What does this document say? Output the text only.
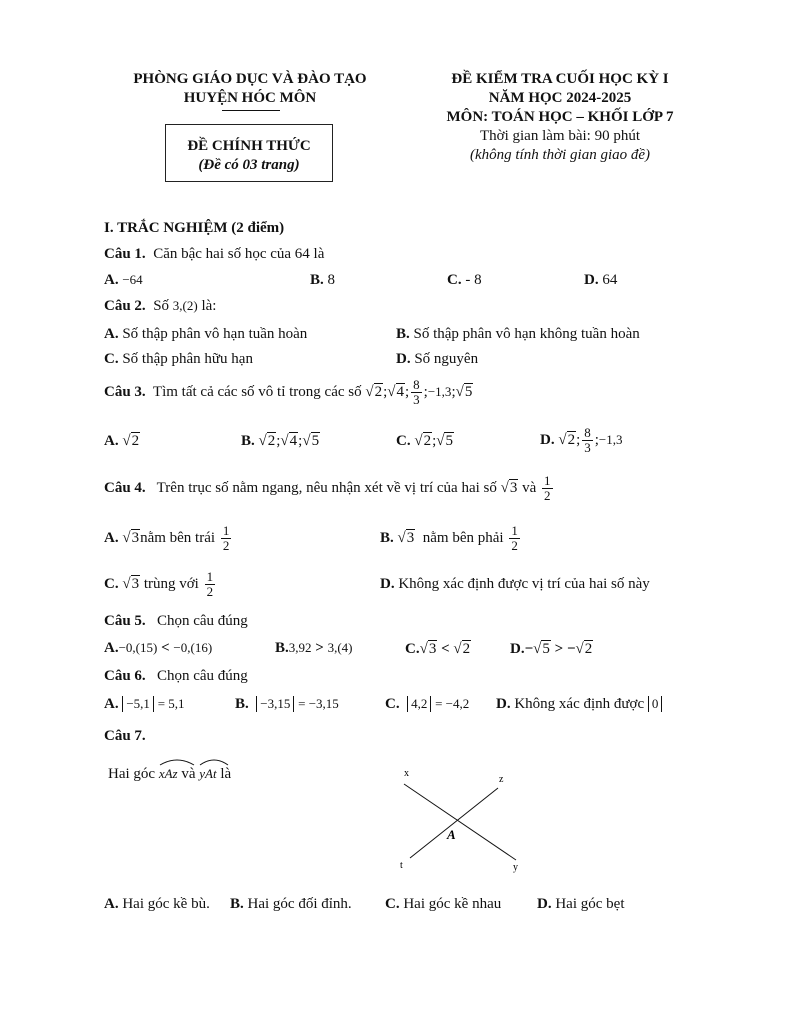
PHÒNG GIÁO DỤC VÀ ĐÀO TẠO
HUYỆN HÓC MÔN
ĐỀ CHÍNH THỨC
(Đề có 03 trang)
ĐỀ KIỂM TRA CUỐI HỌC KỲ I
NĂM HỌC 2024-2025
MÔN: TOÁN HỌC – KHỐI LỚP 7
Thời gian làm bài: 90 phút
(không tính thời gian giao đề)
I. TRẮC NGHIỆM (2 điểm)
Câu 1. Căn bậc hai số học của 64 là
A. −64	B. 8	C. - 8	D. 64
Câu 2. Số 3,(2) là:
A. Số thập phân vô hạn tuần hoàn	B. Số thập phân vô hạn không tuần hoàn
C. Số thập phân hữu hạn	D. Số nguyên
Câu 3. Tìm tất cả các số vô tỉ trong các số √2;√4; $\frac{8}{3}$ ;−1,3;√5
A. √2	B. √2;√4;√5	C. √2;√5	D. √2; $\frac{8}{3}$ ;−1,3
Câu 4. Trên trục số nằm ngang, nêu nhận xét về vị trí của hai số √3 và $\frac{1}{2}$
A. √3nằm bên trái $\frac{1}{2}$	B. √3 nằm bên phải $\frac{1}{2}$
C. √3 trùng với $\frac{1}{2}$	D. Không xác định được vị trí của hai số này
Câu 5. Chọn câu đúng
A.−0,(15) < −0,(16)	B.3,92 > 3,(4)	C.√3 < √2	D.−√5 > −√2
Câu 6. Chọn câu đúng
A. −5,1 = 5,1	B. −3,15 = −3,15	C. 4,2 = −4,2 D. Không xác định được 0
Câu 7.
Hai góc xAz và yAt là	x
z
t	y
A
A. Hai góc kề bù. B. Hai góc đối đỉnh. C. Hai góc kề nhau D. Hai góc bẹt
